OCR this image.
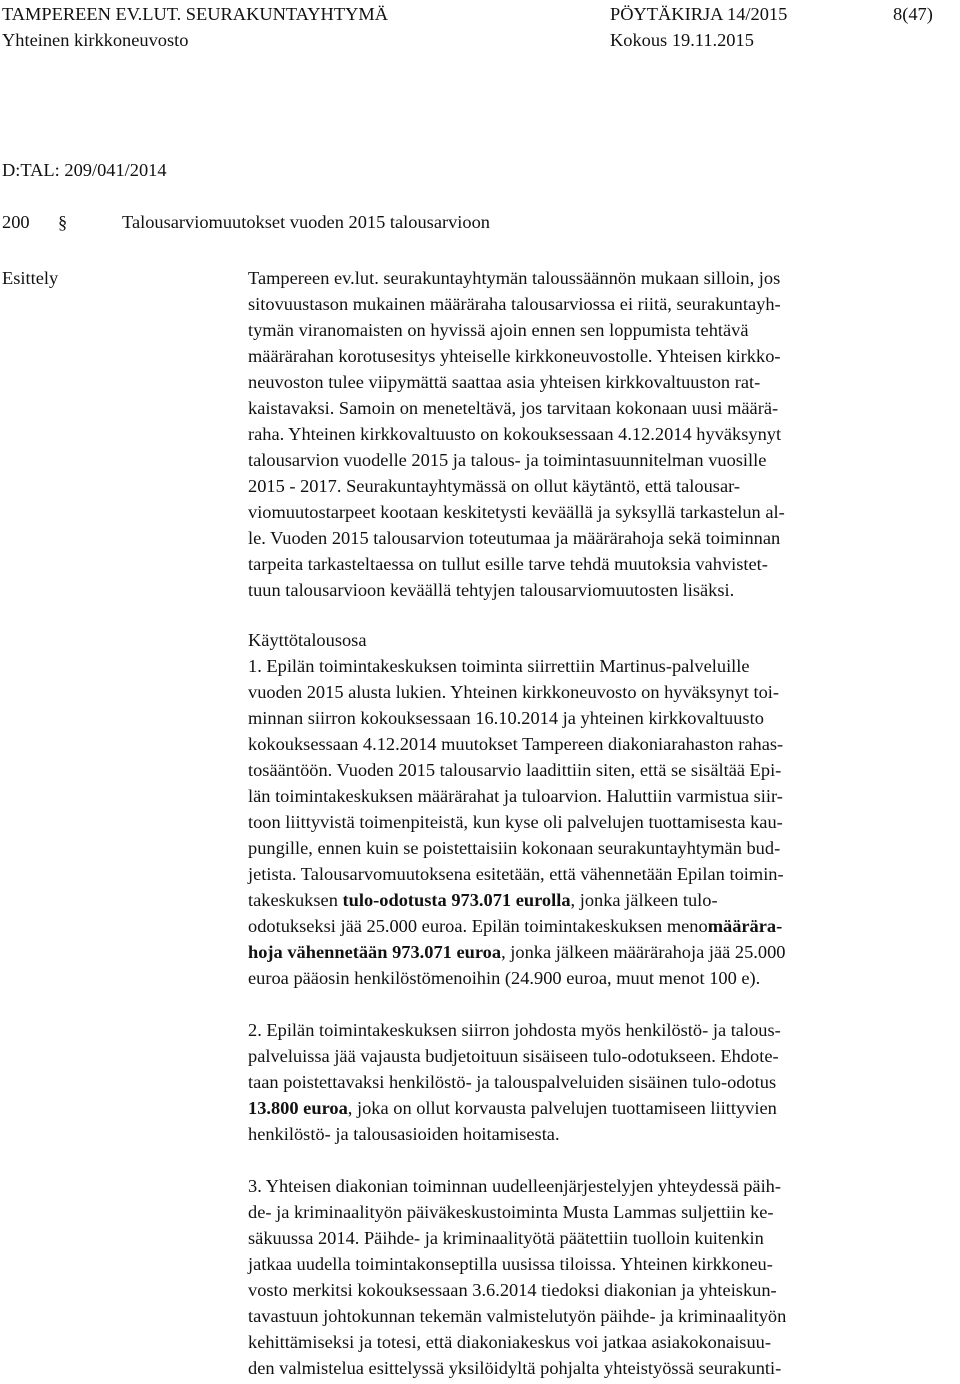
TAMPEREEN EV.LUT. SEURAKUNTAYHTYMÄ	PÖYTÄKIRJA 14/2015	8(47)
Yhteinen kirkkoneuvosto	Kokous 19.11.2015
D:TAL: 209/041/2014
200 §	Talousarviomuutokset vuoden 2015 talousarvioon
Esittely	Tampereen ev.lut. seurakuntayhtymän taloussäännön mukaan silloin, jos
sitovuustason mukainen määräraha talousarviossa ei riitä, seurakuntayh-
tymän viranomaisten on hyvissä ajoin ennen sen loppumista tehtävä
määrärahan korotusesitys yhteiselle kirkkoneuvostolle. Yhteisen kirkko-
neuvoston tulee viipymättä saattaa asia yhteisen kirkkovaltuuston rat-
kaistavaksi. Samoin on meneteltävä, jos tarvitaan kokonaan uusi määrä-
raha. Yhteinen kirkkovaltuusto on kokouksessaan 4.12.2014 hyväksynyt
talousarvion vuodelle 2015 ja talous- ja toimintasuunnitelman vuosille
2015 - 2017. Seurakuntayhtymässä on ollut käytäntö, että talousar-
viomuutostarpeet kootaan keskitetysti keväällä ja syksyllä tarkastelun al-
le. Vuoden 2015 talousarvion toteutumaa ja määrärahoja sekä toiminnan
tarpeita tarkasteltaessa on tullut esille tarve tehdä muutoksia vahvistet-
tuun talousarvioon keväällä tehtyjen talousarviomuutosten lisäksi.
Käyttötalousosa
1. Epilän toimintakeskuksen toiminta siirrettiin Martinus-palveluille
vuoden 2015 alusta lukien. Yhteinen kirkkoneuvosto on hyväksynyt toi-
minnan siirron kokouksessaan 16.10.2014 ja yhteinen kirkkovaltuusto
kokouksessaan 4.12.2014 muutokset Tampereen diakoniarahaston rahas-
tosääntöön. Vuoden 2015 talousarvio laadittiin siten, että se sisältää Epi-
län toimintakeskuksen määrärahat ja tuloarvion. Haluttiin varmistua siir-
toon liittyvistä toimenpiteistä, kun kyse oli palvelujen tuottamisesta kau-
pungille, ennen kuin se poistettaisiin kokonaan seurakuntayhtymän bud-
jetista. Talousarvomuutoksena esitetään, että vähennetään Epilan toimin-
takeskuksen tulo-odotusta 973.071 eurolla, jonka jälkeen tulo-
odotukseksi jää 25.000 euroa. Epilän toimintakeskuksen menomäärära-
hoja vähennetään 973.071 euroa, jonka jälkeen määrärahoja jää 25.000
euroa pääosin henkilöstömenoihin (24.900 euroa, muut menot 100 e).
2. Epilän toimintakeskuksen siirron johdosta myös henkilöstö- ja talous-
palveluissa jää vajausta budjetoituun sisäiseen tulo-odotukseen. Ehdote-
taan poistettavaksi henkilöstö- ja talouspalveluiden sisäinen tulo-odotus
13.800 euroa, joka on ollut korvausta palvelujen tuottamiseen liittyvien
henkilöstö- ja talousasioiden hoitamisesta.
3. Yhteisen diakonian toiminnan uudelleenjärjestelyjen yhteydessä päih-
de- ja kriminaalityön päiväkeskustoiminta Musta Lammas suljettiin ke-
säkuussa 2014. Päihde- ja kriminaalityötä päätettiin tuolloin kuitenkin
jatkaa uudella toimintakonseptilla uusissa tiloissa. Yhteinen kirkkoneu-
vosto merkitsi kokouksessaan 3.6.2014 tiedoksi diakonian ja yhteiskun-
tavastuun johtokunnan tekemän valmistelutyön päihde- ja kriminaalityön
kehittämiseksi ja totesi, että diakoniakeskus voi jatkaa asiakokonaisuu-
den valmistelua esittelyssä yksilöidyltä pohjalta yhteistyössä seurakunti-
